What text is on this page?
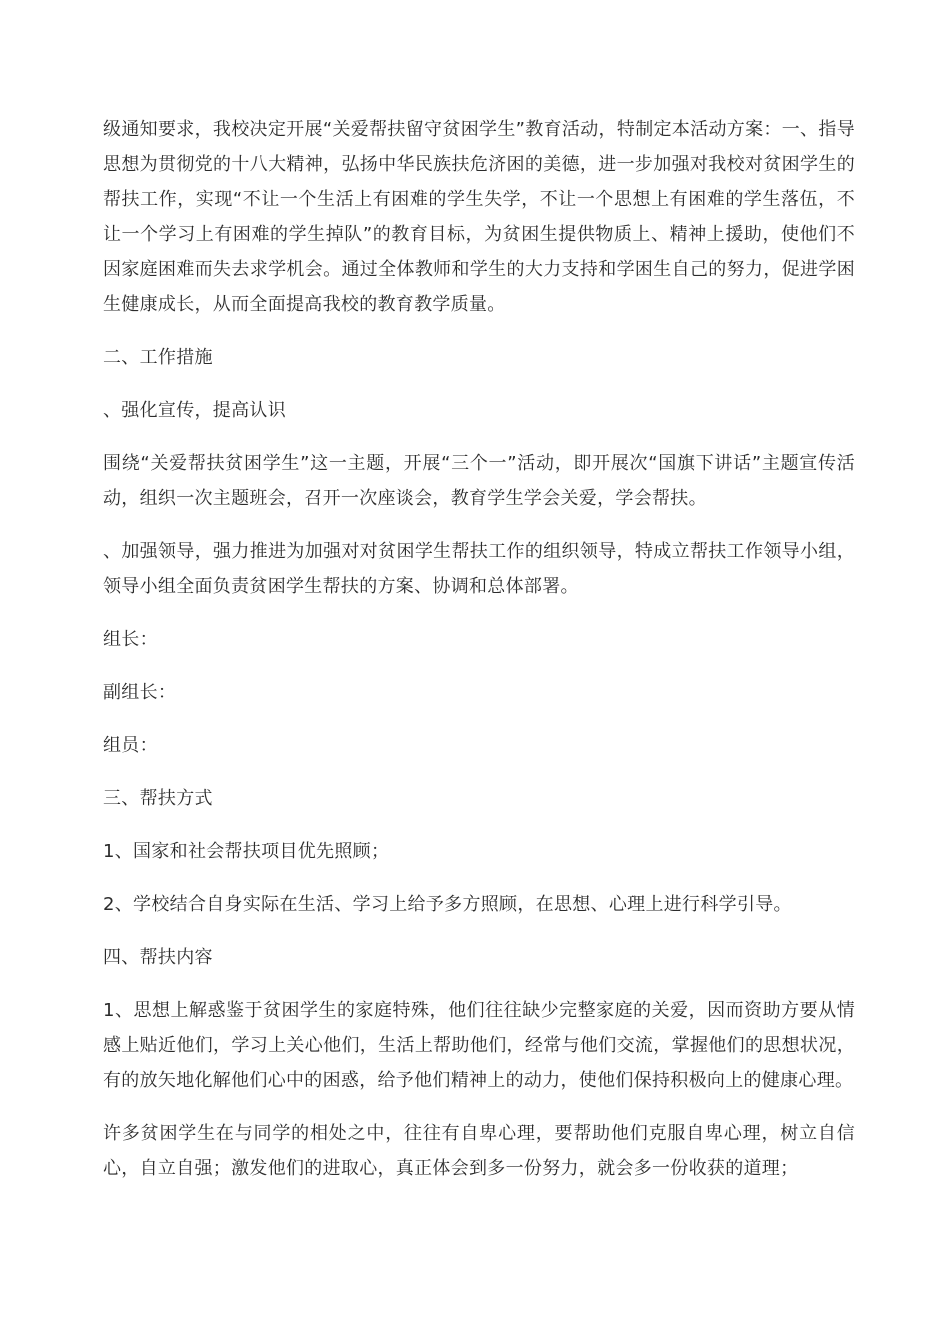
级通知要求，我校决定开展“关爱帮扶留守贫困学生”教育活动，特制定本活动方案：一、指导思想为贯彻党的十八大精神，弘扬中华民族扶危济困的美德，进一步加强对我校对贫困学生的帮扶工作，实现“不让一个生活上有困难的学生失学，不让一个思想上有困难的学生落伍，不让一个学习上有困难的学生掉队”的教育目标，为贫困生提供物质上、精神上援助，使他们不因家庭困难而失去求学机会。通过全体教师和学生的大力支持和学困生自己的努力，促进学困生健康成长，从而全面提高我校的教育教学质量。

二、工作措施

、强化宣传，提高认识

围绕“关爱帮扶贫困学生”这一主题，开展“三个一”活动，即开展次“国旗下讲话”主题宣传活动，组织一次主题班会，召开一次座谈会，教育学生学会关爱，学会帮扶。

、加强领导，强力推进为加强对对贫困学生帮扶工作的组织领导，特成立帮扶工作领导小组，领导小组全面负责贫困学生帮扶的方案、协调和总体部署。

组长：

副组长：

组员：

三、帮扶方式

1、国家和社会帮扶项目优先照顾；

2、学校结合自身实际在生活、学习上给予多方照顾，在思想、心理上进行科学引导。

四、帮扶内容

1、思想上解惑鉴于贫困学生的家庭特殊，他们往往缺少完整家庭的关爱，因而资助方要从情感上贴近他们，学习上关心他们，生活上帮助他们，经常与他们交流，掌握他们的思想状况，有的放矢地化解他们心中的困惑，给予他们精神上的动力，使他们保持积极向上的健康心理。

许多贫困学生在与同学的相处之中，往往有自卑心理，要帮助他们克服自卑心理，树立自信心，自立自强；激发他们的进取心，真正体会到多一份努力，就会多一份收获的道理；
